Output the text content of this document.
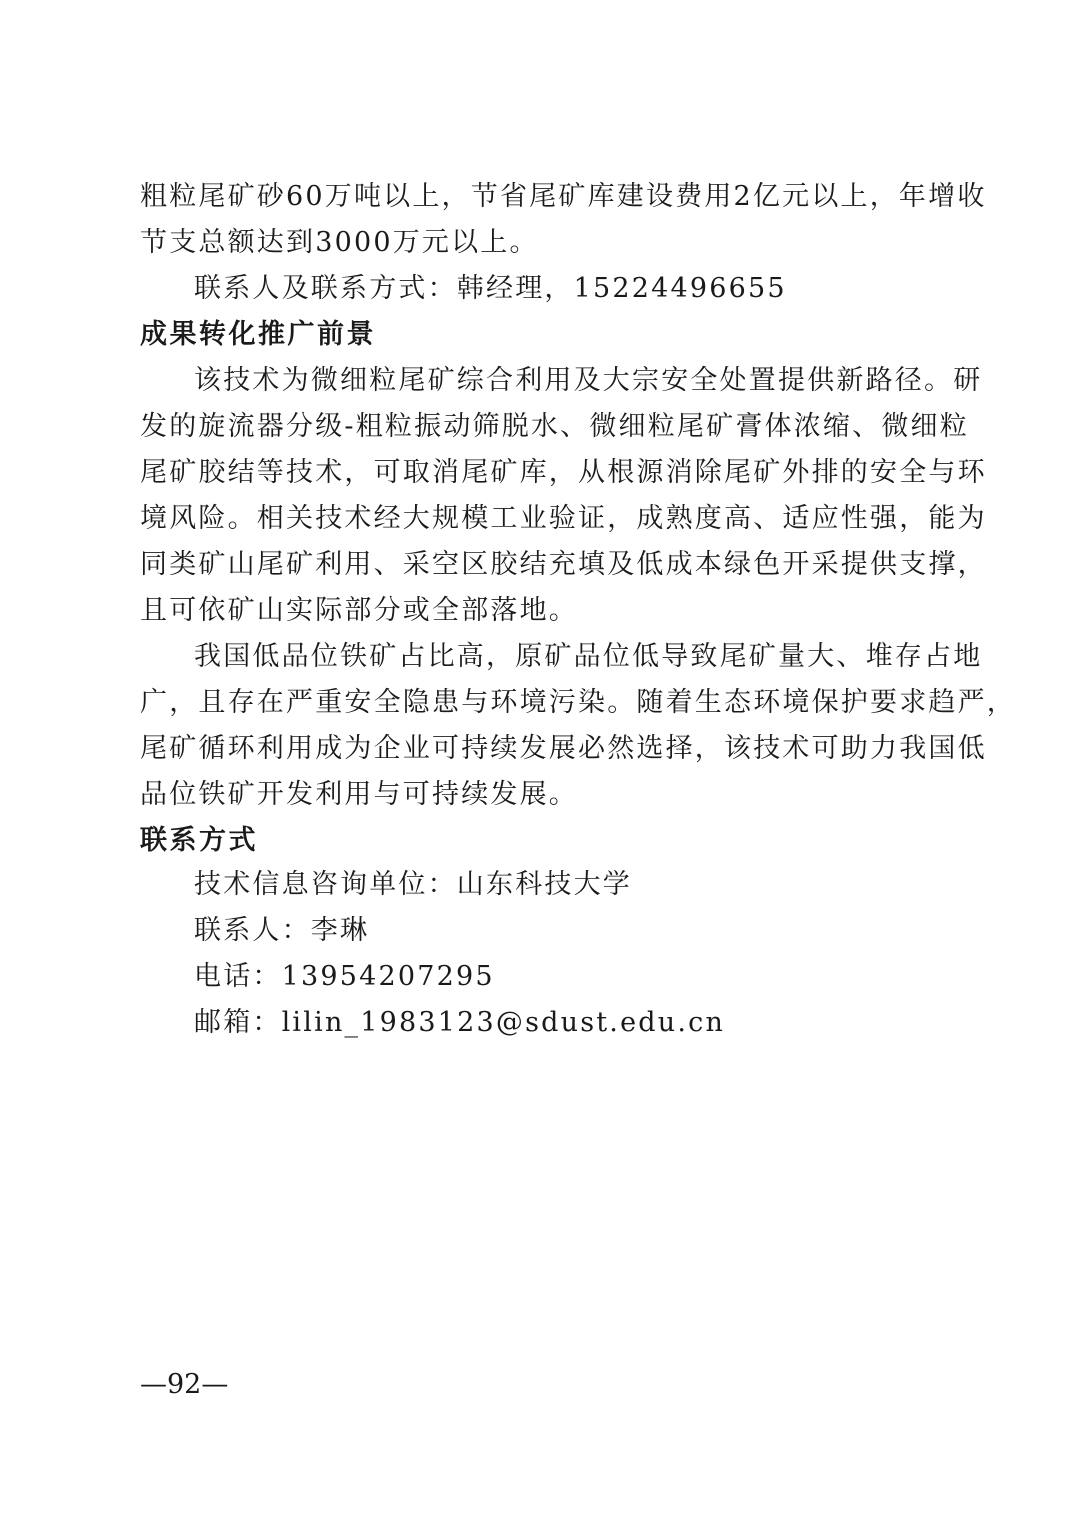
粗粒尾矿砂60万吨以上，节省尾矿库建设费用2亿元以上，年增收
节支总额达到3000万元以上。
联系人及联系方式：韩经理，15224496655
成果转化推广前景
该技术为微细粒尾矿综合利用及大宗安全处置提供新路径。研
发的旋流器分级-粗粒振动筛脱水、微细粒尾矿膏体浓缩、微细粒
尾矿胶结等技术，可取消尾矿库，从根源消除尾矿外排的安全与环
境风险。相关技术经大规模工业验证，成熟度高、适应性强，能为
同类矿山尾矿利用、采空区胶结充填及低成本绿色开采提供支撑，
且可依矿山实际部分或全部落地。
我国低品位铁矿占比高，原矿品位低导致尾矿量大、堆存占地
广，且存在严重安全隐患与环境污染。随着生态环境保护要求趋严，
尾矿循环利用成为企业可持续发展必然选择，该技术可助力我国低
品位铁矿开发利用与可持续发展。
联系方式
技术信息咨询单位：山东科技大学
联系人：李琳
电话：13954207295
邮箱：lilin_1983123@sdust.edu.cn
—92—
